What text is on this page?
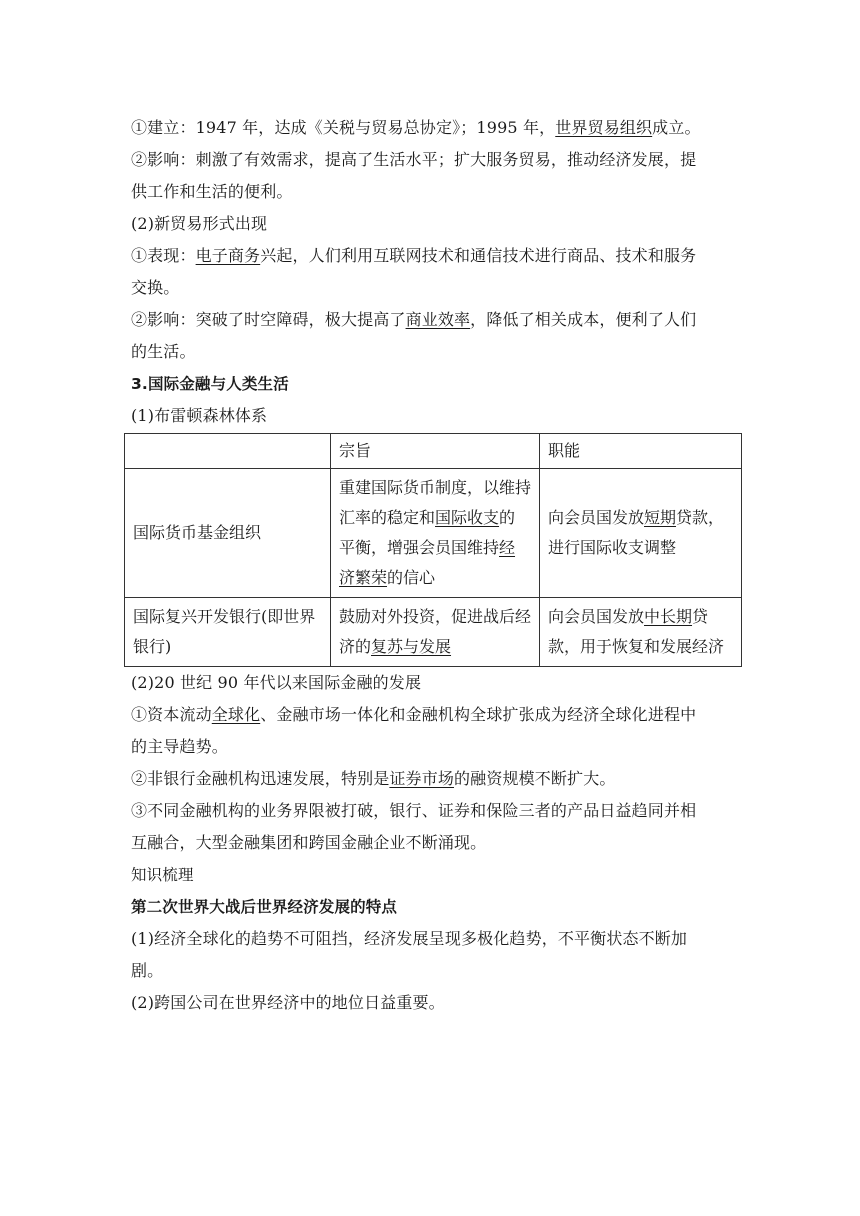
①建立：1947 年，达成《关税与贸易总协定》；1995 年，世界贸易组织成立。

②影响：刺激了有效需求，提高了生活水平；扩大服务贸易，推动经济发展，提

供工作和生活的便利。

(2)新贸易形式出现

①表现：电子商务兴起，人们利用互联网技术和通信技术进行商品、技术和服务

交换。

②影响：突破了时空障碍，极大提高了商业效率，降低了相关成本，便利了人们

的生活。

3.国际金融与人类生活

(1)布雷顿森林体系

	宗旨	职能
国际货币基金组织	重建国际货币制度，以维持汇率的稳定和国际收支的平衡，增强会员国维持经济繁荣的信心	向会员国发放短期贷款，进行国际收支调整
国际复兴开发银行(即世界银行)	鼓励对外投资，促进战后经济的复苏与发展	向会员国发放中长期贷款，用于恢复和发展经济

(2)20 世纪 90 年代以来国际金融的发展

①资本流动全球化、金融市场一体化和金融机构全球扩张成为经济全球化进程中

的主导趋势。

②非银行金融机构迅速发展，特别是证券市场的融资规模不断扩大。

③不同金融机构的业务界限被打破，银行、证券和保险三者的产品日益趋同并相

互融合，大型金融集团和跨国金融企业不断涌现。

知识梳理

第二次世界大战后世界经济发展的特点

(1)经济全球化的趋势不可阻挡，经济发展呈现多极化趋势，不平衡状态不断加

剧。

(2)跨国公司在世界经济中的地位日益重要。
